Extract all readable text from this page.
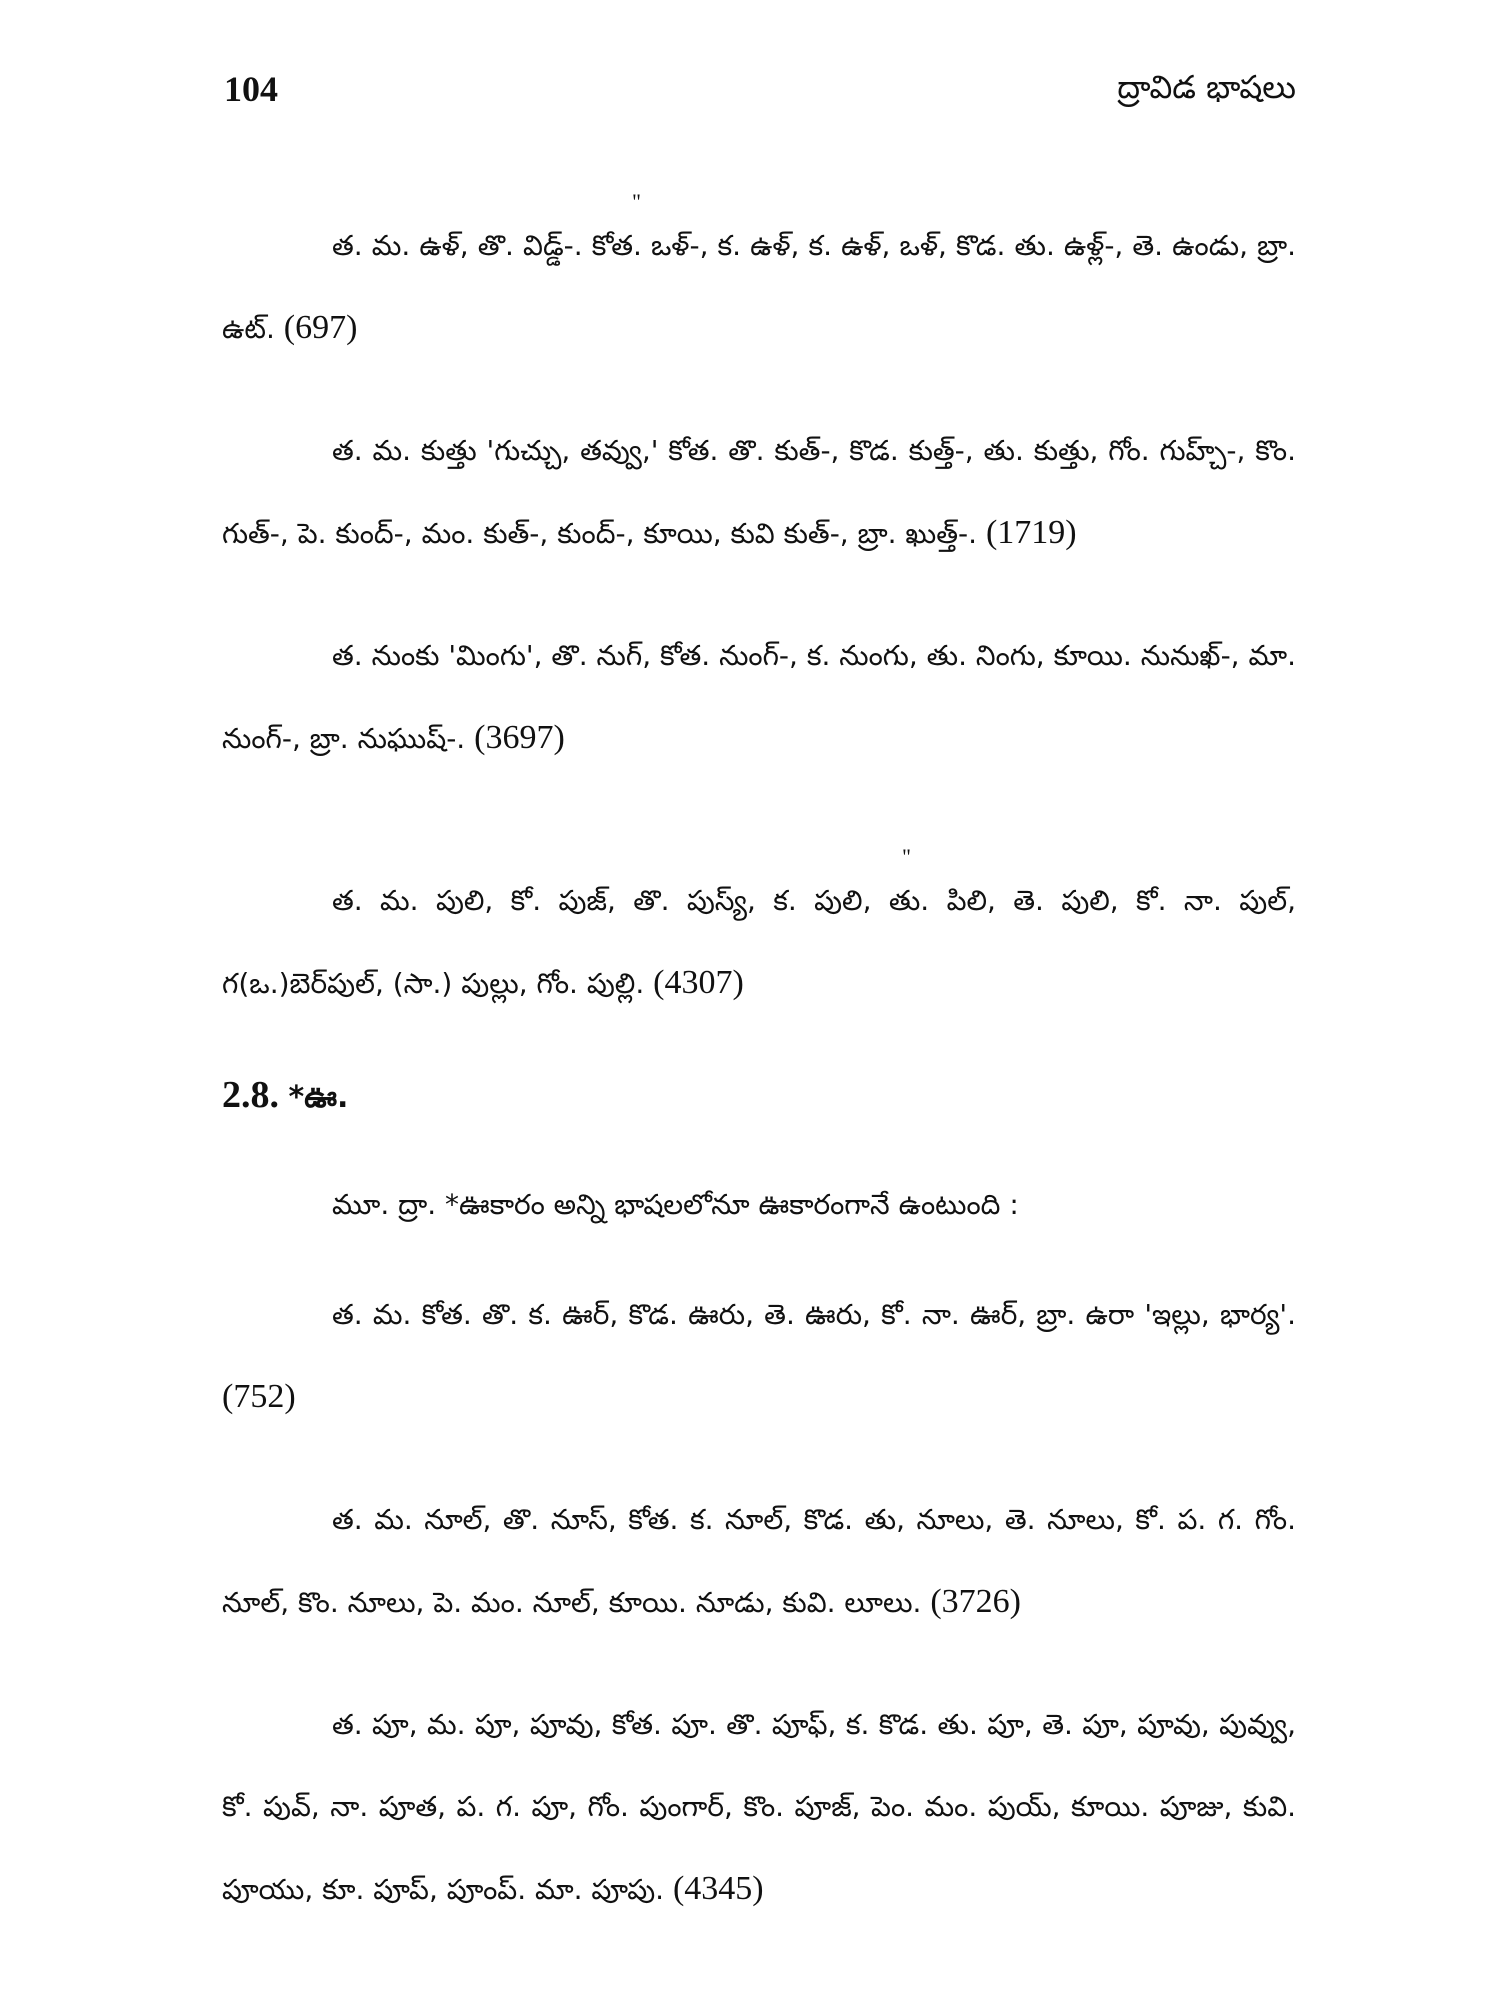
104	ద్రావిడ భాషలు

"
త. మ. ఉళ్, తొ. విడ్డ్‌-. కోత. ఒళ్-, క. ఉళ్, క. ఉళ్, ఒళ్, కొడ. తు. ఉళ్ల్‌-, తె. ఉండు, బ్రా. ఉట్. (697)

త. మ. కుత్తు 'గుచ్చు, తవ్వు,' కోత. తొ. కుత్-, కొడ. కుత్త్‌-, తు. కుత్తు, గోం. గుహ్చ్-, కొం. గుత్-, పె. కుంద్-, మం. కుత్-, కుంద్-, కూయి, కువి కుత్-, బ్రా. ఖుత్త్‌-. (1719)

త. నుంకు 'మింగు', తొ. నుగ్, కోత. నుంగ్-, క. నుంగు, తు. నింగు, కూయి. నునుఖ్-, మా. నుంగ్-, బ్రా. నుఘుష్-. (3697)

"
త. మ. పులి, కో. పుజ్, తొ. పుస్య్, క. పులి, తు. పిలి, తె. పులి, కో. నా. పుల్, గ(ఒ.)బెర్‌పుల్, (సా.) పుల్లు, గోం. పుల్లి. (4307)

2.8. *ఊ.

మూ. ద్రా. *ఊకారం అన్ని భాషలలోనూ ఊకారంగానే ఉంటుంది :

త. మ. కోత. తొ. క. ఊర్, కొడ. ఊరు, తె. ఊరు, కో. నా. ఊర్, బ్రా. ఉరా 'ఇల్లు, భార్య'. (752)

త. మ. నూల్, తొ. నూస్, కోత. క. నూల్, కొడ. తు, నూలు, తె. నూలు, కో. ప. గ. గోం. నూల్, కొం. నూలు, పె. మం. నూల్, కూయి. నూడు, కువి. లూలు. (3726)

త. పూ, మ. పూ, పూవు, కోత. పూ. తొ. పూఫ్, క. కొడ. తు. పూ, తె. పూ, పూవు, పువ్వు, కో. పువ్, నా. పూత, ప. గ. పూ, గోం. పుంగార్, కొం. పూజ్, పెం. మం. పుయ్, కూయి. పూజు, కువి. పూయు, కూ. పూప్, పూంప్. మా. పూపు. (4345)
